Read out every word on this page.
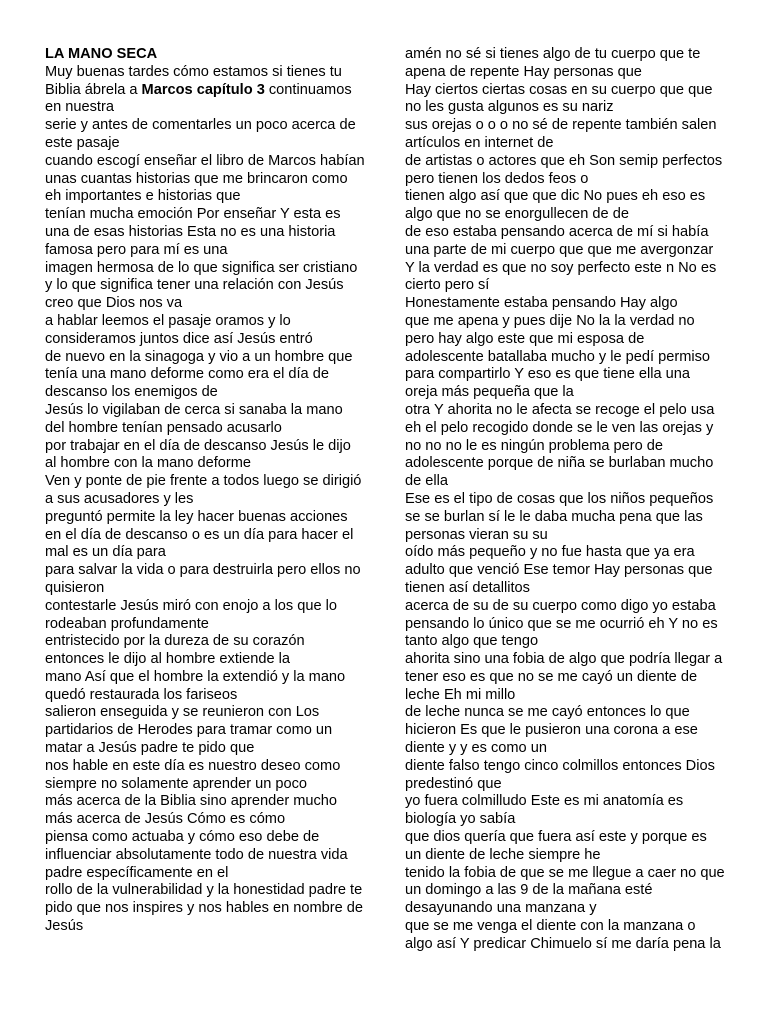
LA MANO SECA
Muy buenas tardes cómo estamos si tienes tu Biblia ábrela a Marcos capítulo 3 continuamos en nuestra
serie y antes de comentarles un poco acerca de este pasaje
cuando escogí enseñar el libro de Marcos habían
unas cuantas historias que me brincaron como eh importantes e historias que
tenían mucha emoción Por enseñar Y esta es una de esas historias Esta no es una historia famosa pero para mí es una
imagen hermosa de lo que significa ser cristiano y lo que significa tener una relación con Jesús creo que Dios nos va
a hablar leemos el pasaje oramos y lo consideramos juntos dice así Jesús entró
de nuevo en la sinagoga y vio a un hombre que tenía una mano deforme como era el día de descanso los enemigos de
Jesús lo vigilaban de cerca si sanaba la mano del hombre tenían pensado acusarlo
por trabajar en el día de descanso Jesús le dijo al hombre con la mano deforme
Ven y ponte de pie frente a todos luego se dirigió a sus acusadores y les
preguntó permite la ley hacer buenas acciones en el día de descanso o es un día para hacer el mal es un día para
para salvar la vida o para destruirla pero ellos no quisieron
contestarle Jesús miró con enojo a los que lo rodeaban profundamente
entristecido por la dureza de su corazón entonces le dijo al hombre extiende la
mano Así que el hombre la extendió y la mano quedó restaurada los fariseos
salieron enseguida y se reunieron con Los partidarios de Herodes para tramar como un matar a Jesús padre te pido que
nos hable en este día es nuestro deseo como siempre no solamente aprender un poco
más acerca de la Biblia sino aprender mucho más acerca de Jesús Cómo es cómo
piensa como actuaba y cómo eso debe de influenciar absolutamente todo de nuestra vida padre específicamente en el
rollo de la vulnerabilidad y la honestidad padre te pido que nos inspires y nos hables en nombre de Jesús
amén no sé si tienes algo de tu cuerpo que te apena de repente Hay personas que
Hay ciertos ciertas cosas en su cuerpo que que no les gusta algunos es su nariz
sus orejas o o o no sé de repente también salen artículos en internet de
de artistas o actores que eh Son semip perfectos pero tienen los dedos feos o
tienen algo así que que dic No pues eh eso es algo que no se enorgullecen de de
de eso estaba pensando acerca de mí si había una parte de mi cuerpo que que me avergonzar Y la verdad es que no soy perfecto este n No es cierto pero sí
Honestamente estaba pensando Hay algo
que me apena y pues dije No la la verdad no pero hay algo este que mi esposa de adolescente batallaba mucho y le pedí permiso para compartirlo Y eso es que tiene ella una oreja más pequeña que la
otra Y ahorita no le afecta se recoge el pelo usa eh el pelo recogido donde se le ven las orejas y no no no le es ningún problema pero de adolescente porque de niña se burlaban mucho de ella
Ese es el tipo de cosas que los niños pequeños se se burlan sí le le daba mucha pena que las personas vieran su su
oído más pequeño y no fue hasta que ya era adulto que venció Ese temor Hay personas que tienen así detallitos
acerca de su de su cuerpo como digo yo estaba pensando lo único que se me ocurrió eh Y no es tanto algo que tengo
ahorita sino una fobia de algo que podría llegar a tener eso es que no se me cayó un diente de leche Eh mi millo
de leche nunca se me cayó entonces lo que hicieron Es que le pusieron una corona a ese diente y y es como un
diente falso tengo cinco colmillos entonces Dios predestinó que
yo fuera colmilludo Este es mi anatomía es biología yo sabía
que dios quería que fuera así este y porque es un diente de leche siempre he
tenido la fobia de que se me llegue a caer no que un domingo a las 9 de la mañana esté desayunando una manzana y
que se me venga el diente con la manzana o algo así Y predicar Chimuelo sí me daría pena la
